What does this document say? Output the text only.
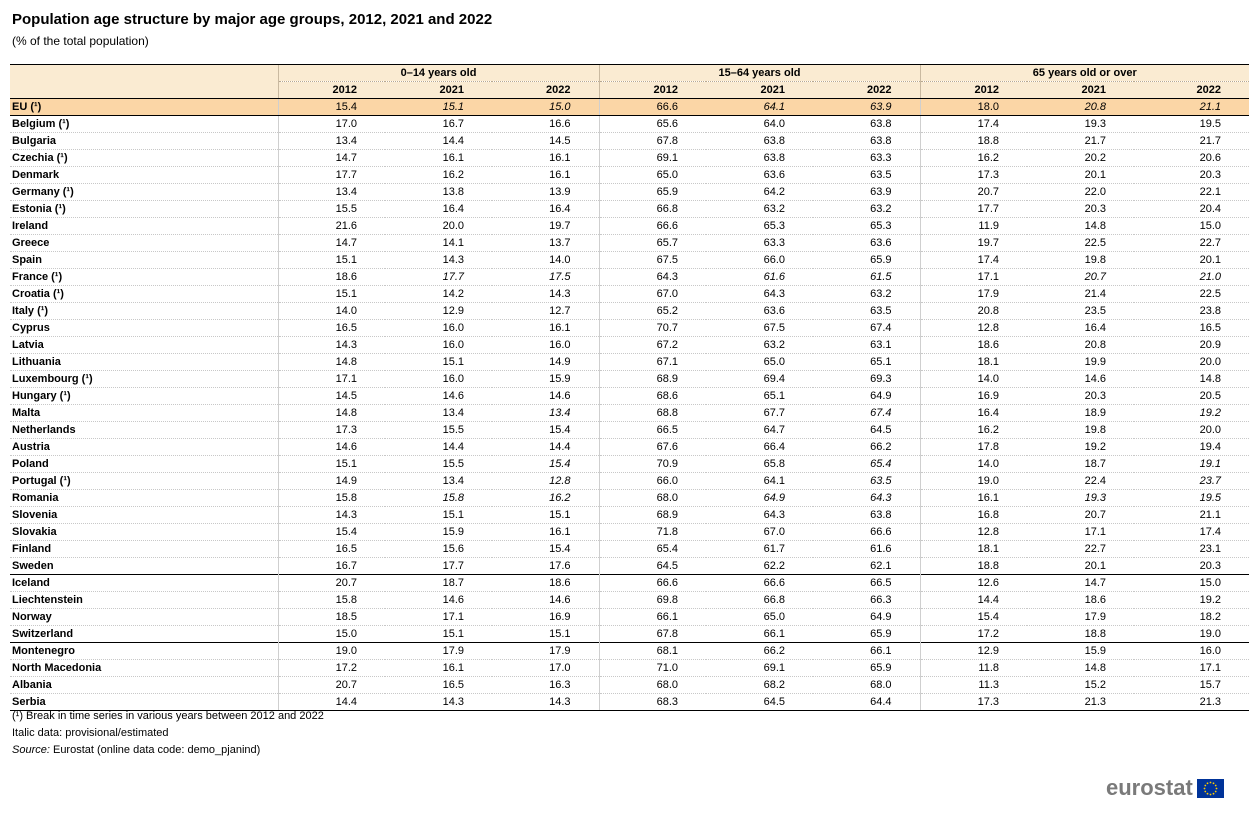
Population age structure by major age groups, 2012, 2021 and 2022
(% of the total population)
	0–14 years old			15–64 years old			65 years old or over		
	2012	2021	2022	2012	2021	2022	2012	2021	2022
EU (¹)	15.4	15.1	15.0	66.6	64.1	63.9	18.0	20.8	21.1
Belgium (¹)	17.0	16.7	16.6	65.6	64.0	63.8	17.4	19.3	19.5
Bulgaria	13.4	14.4	14.5	67.8	63.8	63.8	18.8	21.7	21.7
Czechia (¹)	14.7	16.1	16.1	69.1	63.8	63.3	16.2	20.2	20.6
Denmark	17.7	16.2	16.1	65.0	63.6	63.5	17.3	20.1	20.3
Germany (¹)	13.4	13.8	13.9	65.9	64.2	63.9	20.7	22.0	22.1
Estonia (¹)	15.5	16.4	16.4	66.8	63.2	63.2	17.7	20.3	20.4
Ireland	21.6	20.0	19.7	66.6	65.3	65.3	11.9	14.8	15.0
Greece	14.7	14.1	13.7	65.7	63.3	63.6	19.7	22.5	22.7
Spain	15.1	14.3	14.0	67.5	66.0	65.9	17.4	19.8	20.1
France (¹)	18.6	17.7	17.5	64.3	61.6	61.5	17.1	20.7	21.0
Croatia (¹)	15.1	14.2	14.3	67.0	64.3	63.2	17.9	21.4	22.5
Italy (¹)	14.0	12.9	12.7	65.2	63.6	63.5	20.8	23.5	23.8
Cyprus	16.5	16.0	16.1	70.7	67.5	67.4	12.8	16.4	16.5
Latvia	14.3	16.0	16.0	67.2	63.2	63.1	18.6	20.8	20.9
Lithuania	14.8	15.1	14.9	67.1	65.0	65.1	18.1	19.9	20.0
Luxembourg (¹)	17.1	16.0	15.9	68.9	69.4	69.3	14.0	14.6	14.8
Hungary (¹)	14.5	14.6	14.6	68.6	65.1	64.9	16.9	20.3	20.5
Malta	14.8	13.4	13.4	68.8	67.7	67.4	16.4	18.9	19.2
Netherlands	17.3	15.5	15.4	66.5	64.7	64.5	16.2	19.8	20.0
Austria	14.6	14.4	14.4	67.6	66.4	66.2	17.8	19.2	19.4
Poland	15.1	15.5	15.4	70.9	65.8	65.4	14.0	18.7	19.1
Portugal (¹)	14.9	13.4	12.8	66.0	64.1	63.5	19.0	22.4	23.7
Romania	15.8	15.8	16.2	68.0	64.9	64.3	16.1	19.3	19.5
Slovenia	14.3	15.1	15.1	68.9	64.3	63.8	16.8	20.7	21.1
Slovakia	15.4	15.9	16.1	71.8	67.0	66.6	12.8	17.1	17.4
Finland	16.5	15.6	15.4	65.4	61.7	61.6	18.1	22.7	23.1
Sweden	16.7	17.7	17.6	64.5	62.2	62.1	18.8	20.1	20.3
Iceland	20.7	18.7	18.6	66.6	66.6	66.5	12.6	14.7	15.0
Liechtenstein	15.8	14.6	14.6	69.8	66.8	66.3	14.4	18.6	19.2
Norway	18.5	17.1	16.9	66.1	65.0	64.9	15.4	17.9	18.2
Switzerland	15.0	15.1	15.1	67.8	66.1	65.9	17.2	18.8	19.0
Montenegro	19.0	17.9	17.9	68.1	66.2	66.1	12.9	15.9	16.0
North Macedonia	17.2	16.1	17.0	71.0	69.1	65.9	11.8	14.8	17.1
Albania	20.7	16.5	16.3	68.0	68.2	68.0	11.3	15.2	15.7
Serbia	14.4	14.3	14.3	68.3	64.5	64.4	17.3	21.3	21.3
(¹) Break in time series in various years between 2012 and 2022
Italic data: provisional/estimated
Source: Eurostat (online data code: demo_pjanind)
eurostat
